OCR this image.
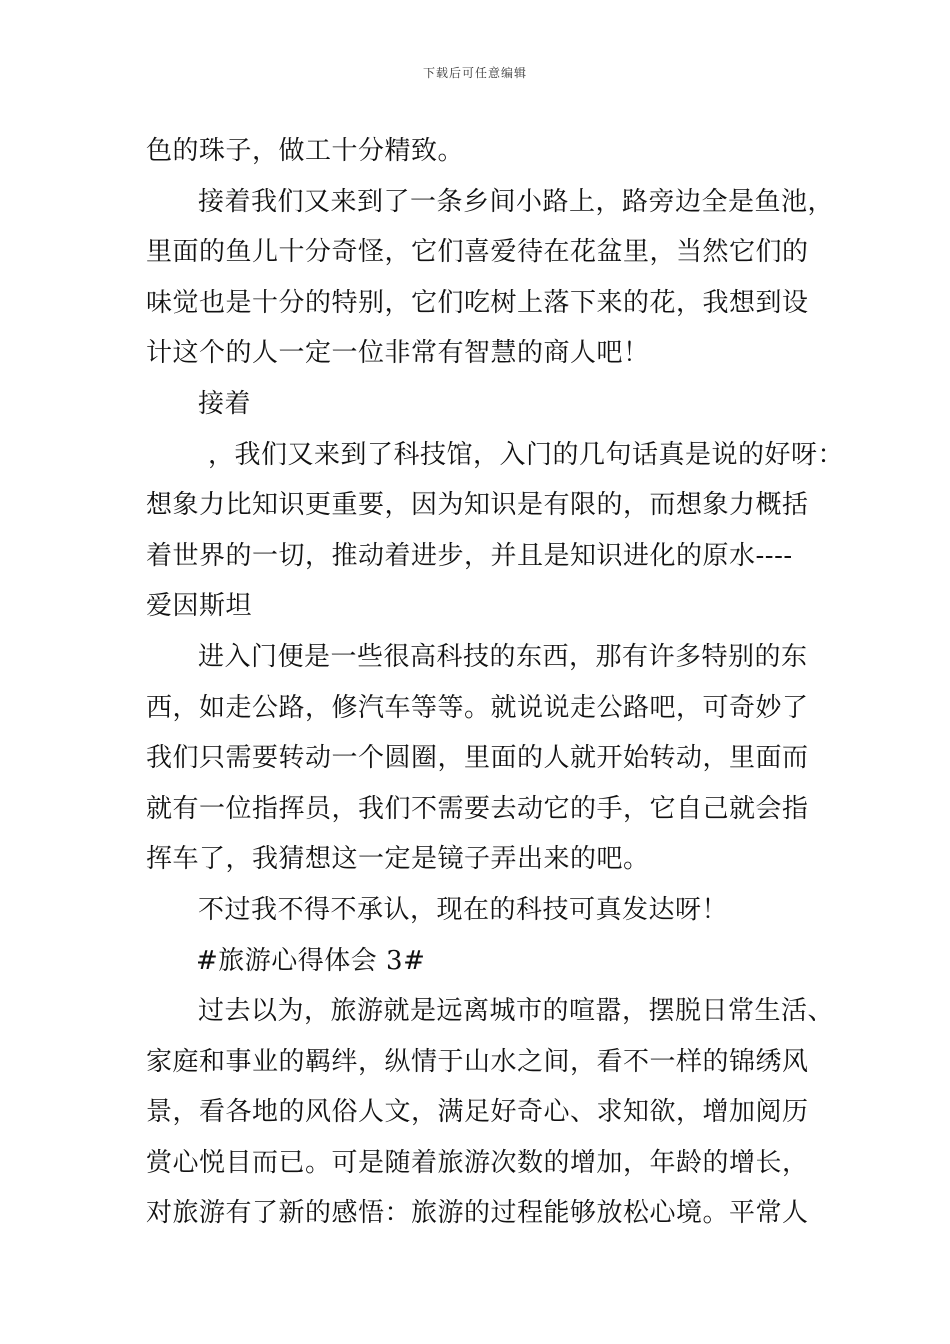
下载后可任意编辑
色的珠子，做工十分精致。
接着我们又来到了一条乡间小路上，路旁边全是鱼池，
里面的鱼儿十分奇怪，它们喜爱待在花盆里，当然它们的
味觉也是十分的特别，它们吃树上落下来的花，我想到设
计这个的人一定一位非常有智慧的商人吧！
接着
，我们又来到了科技馆，入门的几句话真是说的好呀：
想象力比知识更重要，因为知识是有限的，而想象力概括
着世界的一切，推动着进步，并且是知识进化的原水----
爱因斯坦
进入门便是一些很高科技的东西，那有许多特别的东
西，如走公路，修汽车等等。就说说走公路吧，可奇妙了
我们只需要转动一个圆圈，里面的人就开始转动，里面而
就有一位指挥员，我们不需要去动它的手，它自己就会指
挥车了，我猜想这一定是镜子弄出来的吧。
不过我不得不承认，现在的科技可真发达呀！
#旅游心得体会 3#
过去以为，旅游就是远离城市的喧嚣，摆脱日常生活、
家庭和事业的羁绊，纵情于山水之间，看不一样的锦绣风
景，看各地的风俗人文，满足好奇心、求知欲，增加阅历
赏心悦目而已。可是随着旅游次数的增加，年龄的增长，
对旅游有了新的感悟：旅游的过程能够放松心境。平常人
